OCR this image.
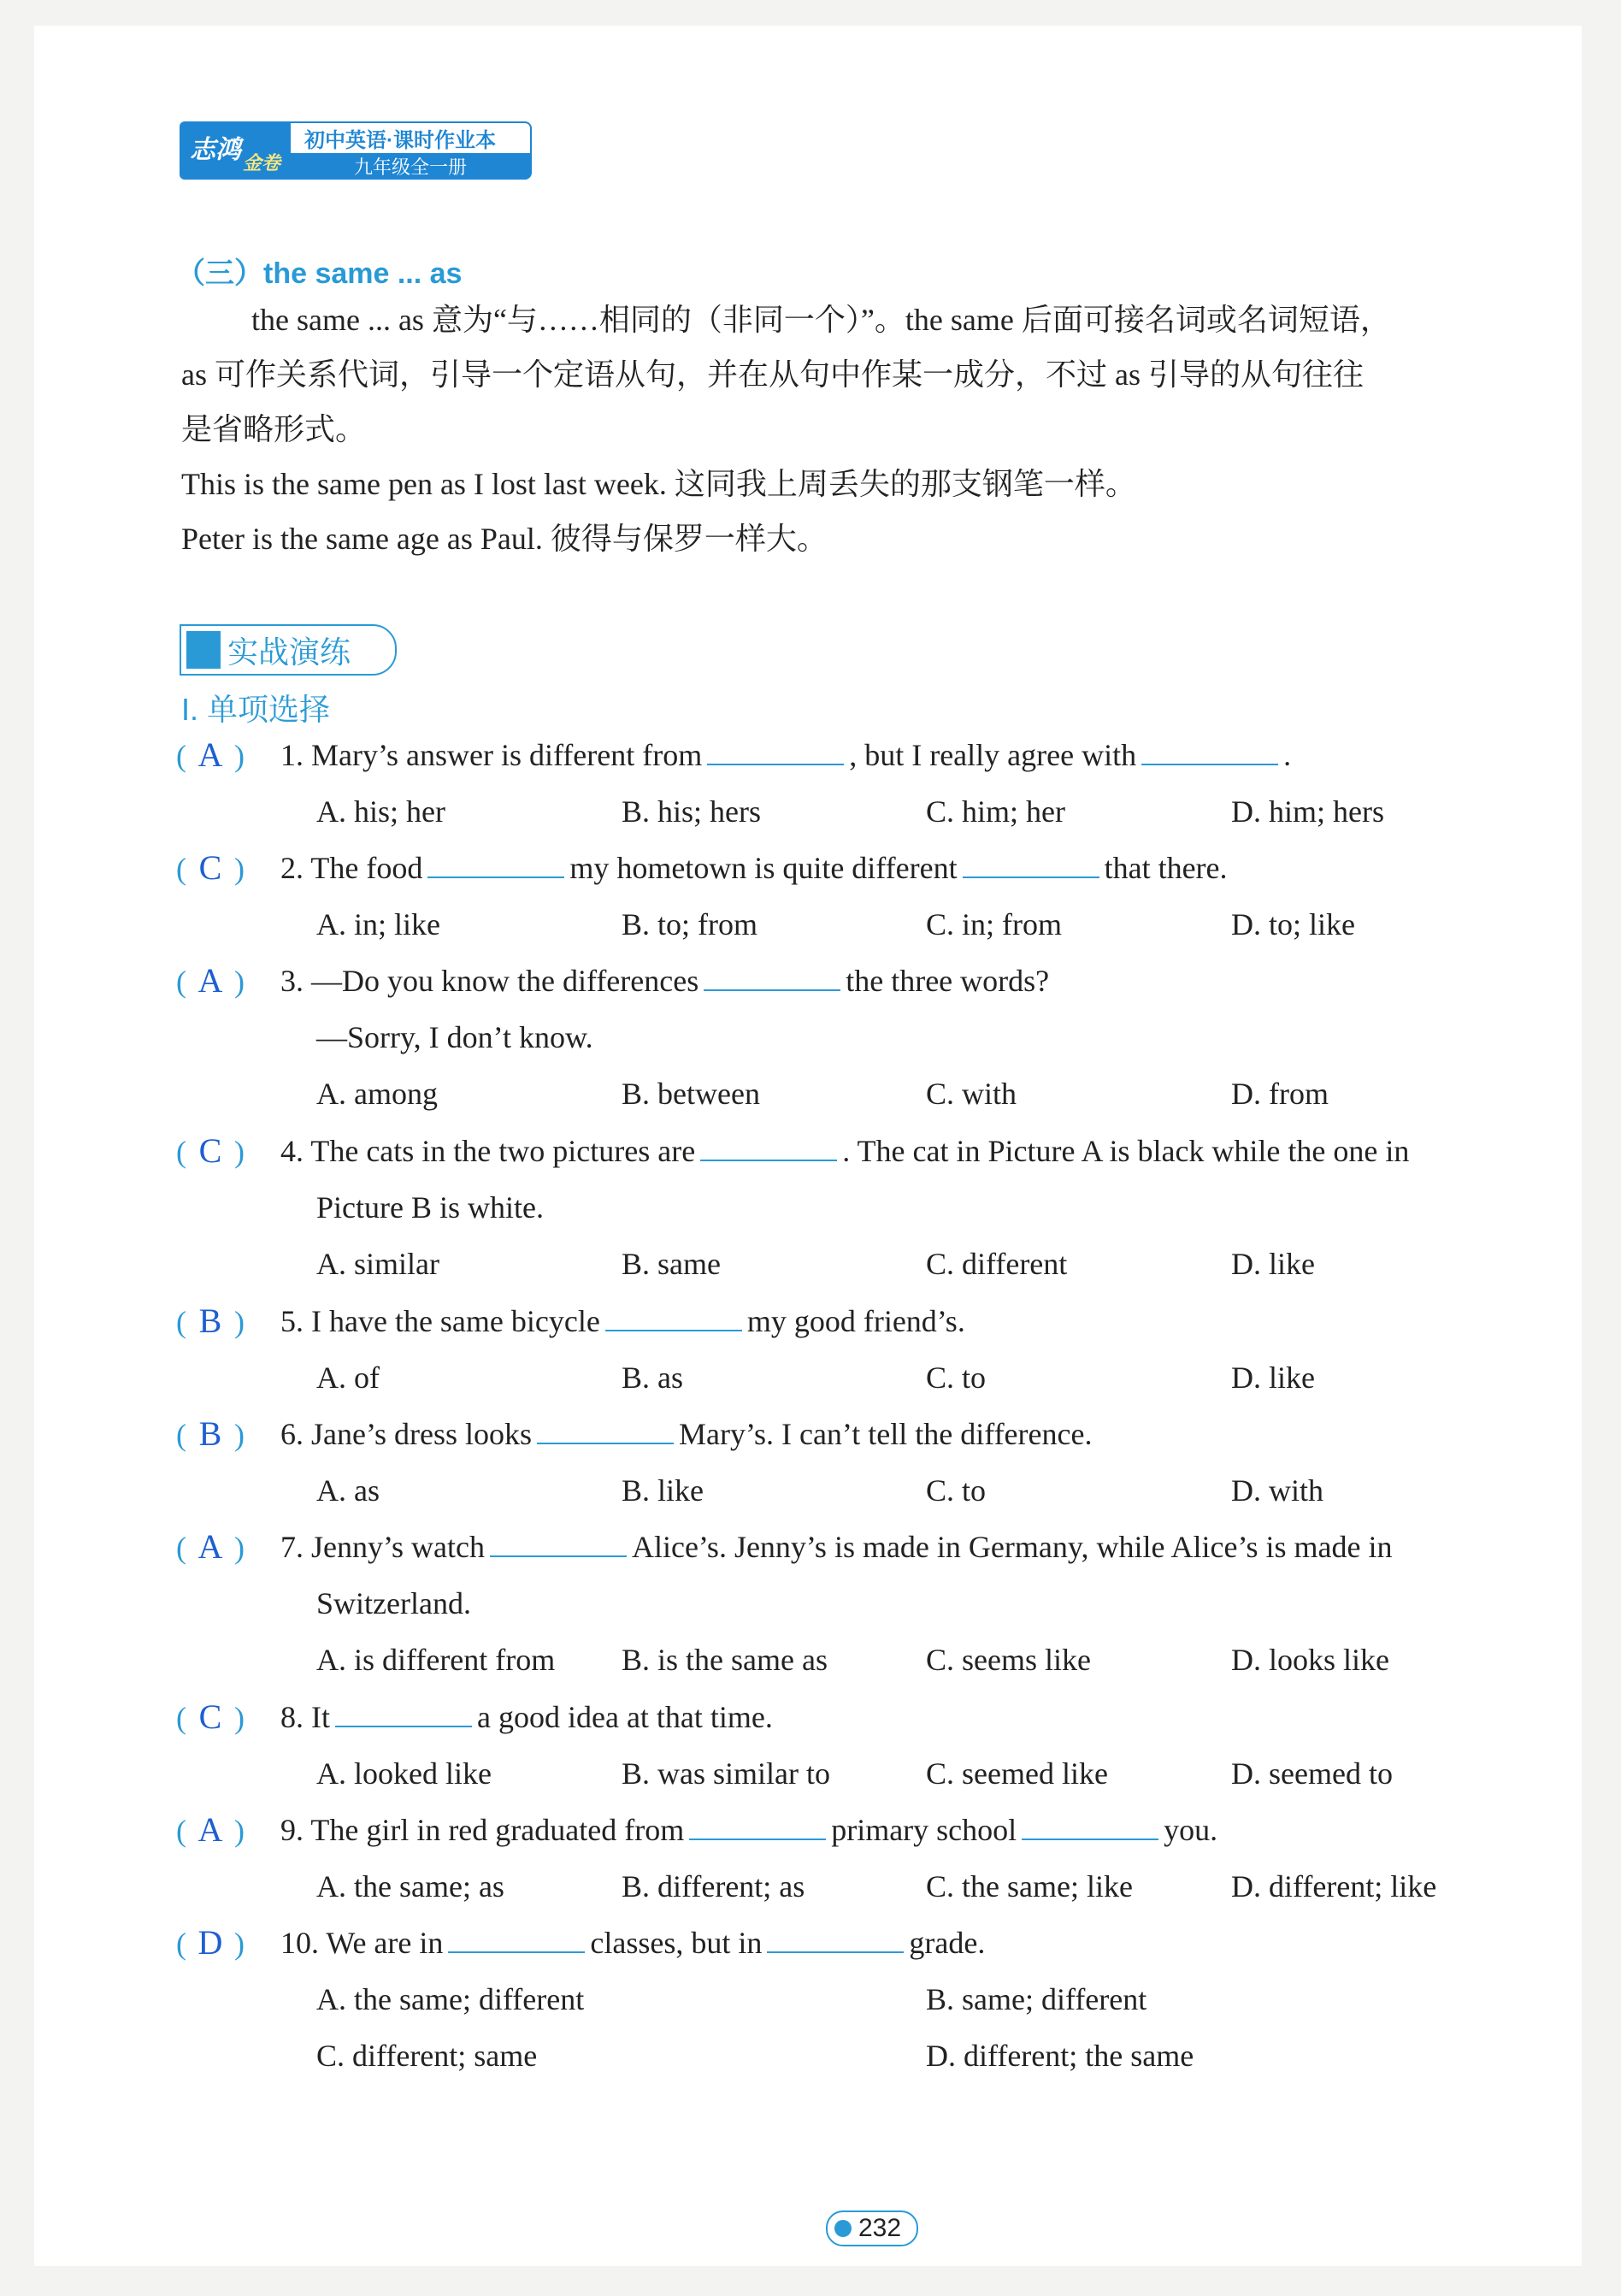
志鸿 金卷
初中英语·课时作业本
九年级全一册
（三）the same ... as
the same ... as 意为“与……相同的（非同一个）”。the same 后面可接名词或名词短语，
as 可作关系代词，引导一个定语从句，并在从句中作某一成分，不过 as 引导的从句往往
是省略形式。
This is the same pen as I lost last week. 这同我上周丢失的那支钢笔一样。
Peter is the same age as Paul. 彼得与保罗一样大。
实战演练
I. 单项选择
( A ) 1. Mary’s answer is different from	, but I really agree with	.
A. his; her	B. his; hers	C. him; her	D. him; hers
( C ) 2. The food	my hometown is quite different	that there.
A. in; like	B. to; from	C. in; from	D. to; like
( A ) 3. —Do you know the differences	the three words?
—Sorry, I don’t know.
A. among	B. between	C. with	D. from
( C ) 4. The cats in the two pictures are	. The cat in Picture A is black while the one in
Picture B is white.
A. similar	B. same	C. different	D. like
( B ) 5. I have the same bicycle	my good friend’s.
A. of	B. as	C. to	D. like
( B ) 6. Jane’s dress looks	Mary’s. I can’t tell the difference.
A. as	B. like	C. to	D. with
( A ) 7. Jenny’s watch	Alice’s. Jenny’s is made in Germany, while Alice’s is made in
Switzerland.
A. is different from B. is the same as	C. seems like	D. looks like
( C ) 8. It	a good idea at that time.
A. looked like	B. was similar to	C. seemed like	D. seemed to
( A ) 9. The girl in red graduated from	primary school	you.
A. the same; as	B. different; as	C. the same; like	D. different; like
( D ) 10. We are in	classes, but in	grade.
A. the same; different	B. same; different
C. different; same	D. different; the same
232
